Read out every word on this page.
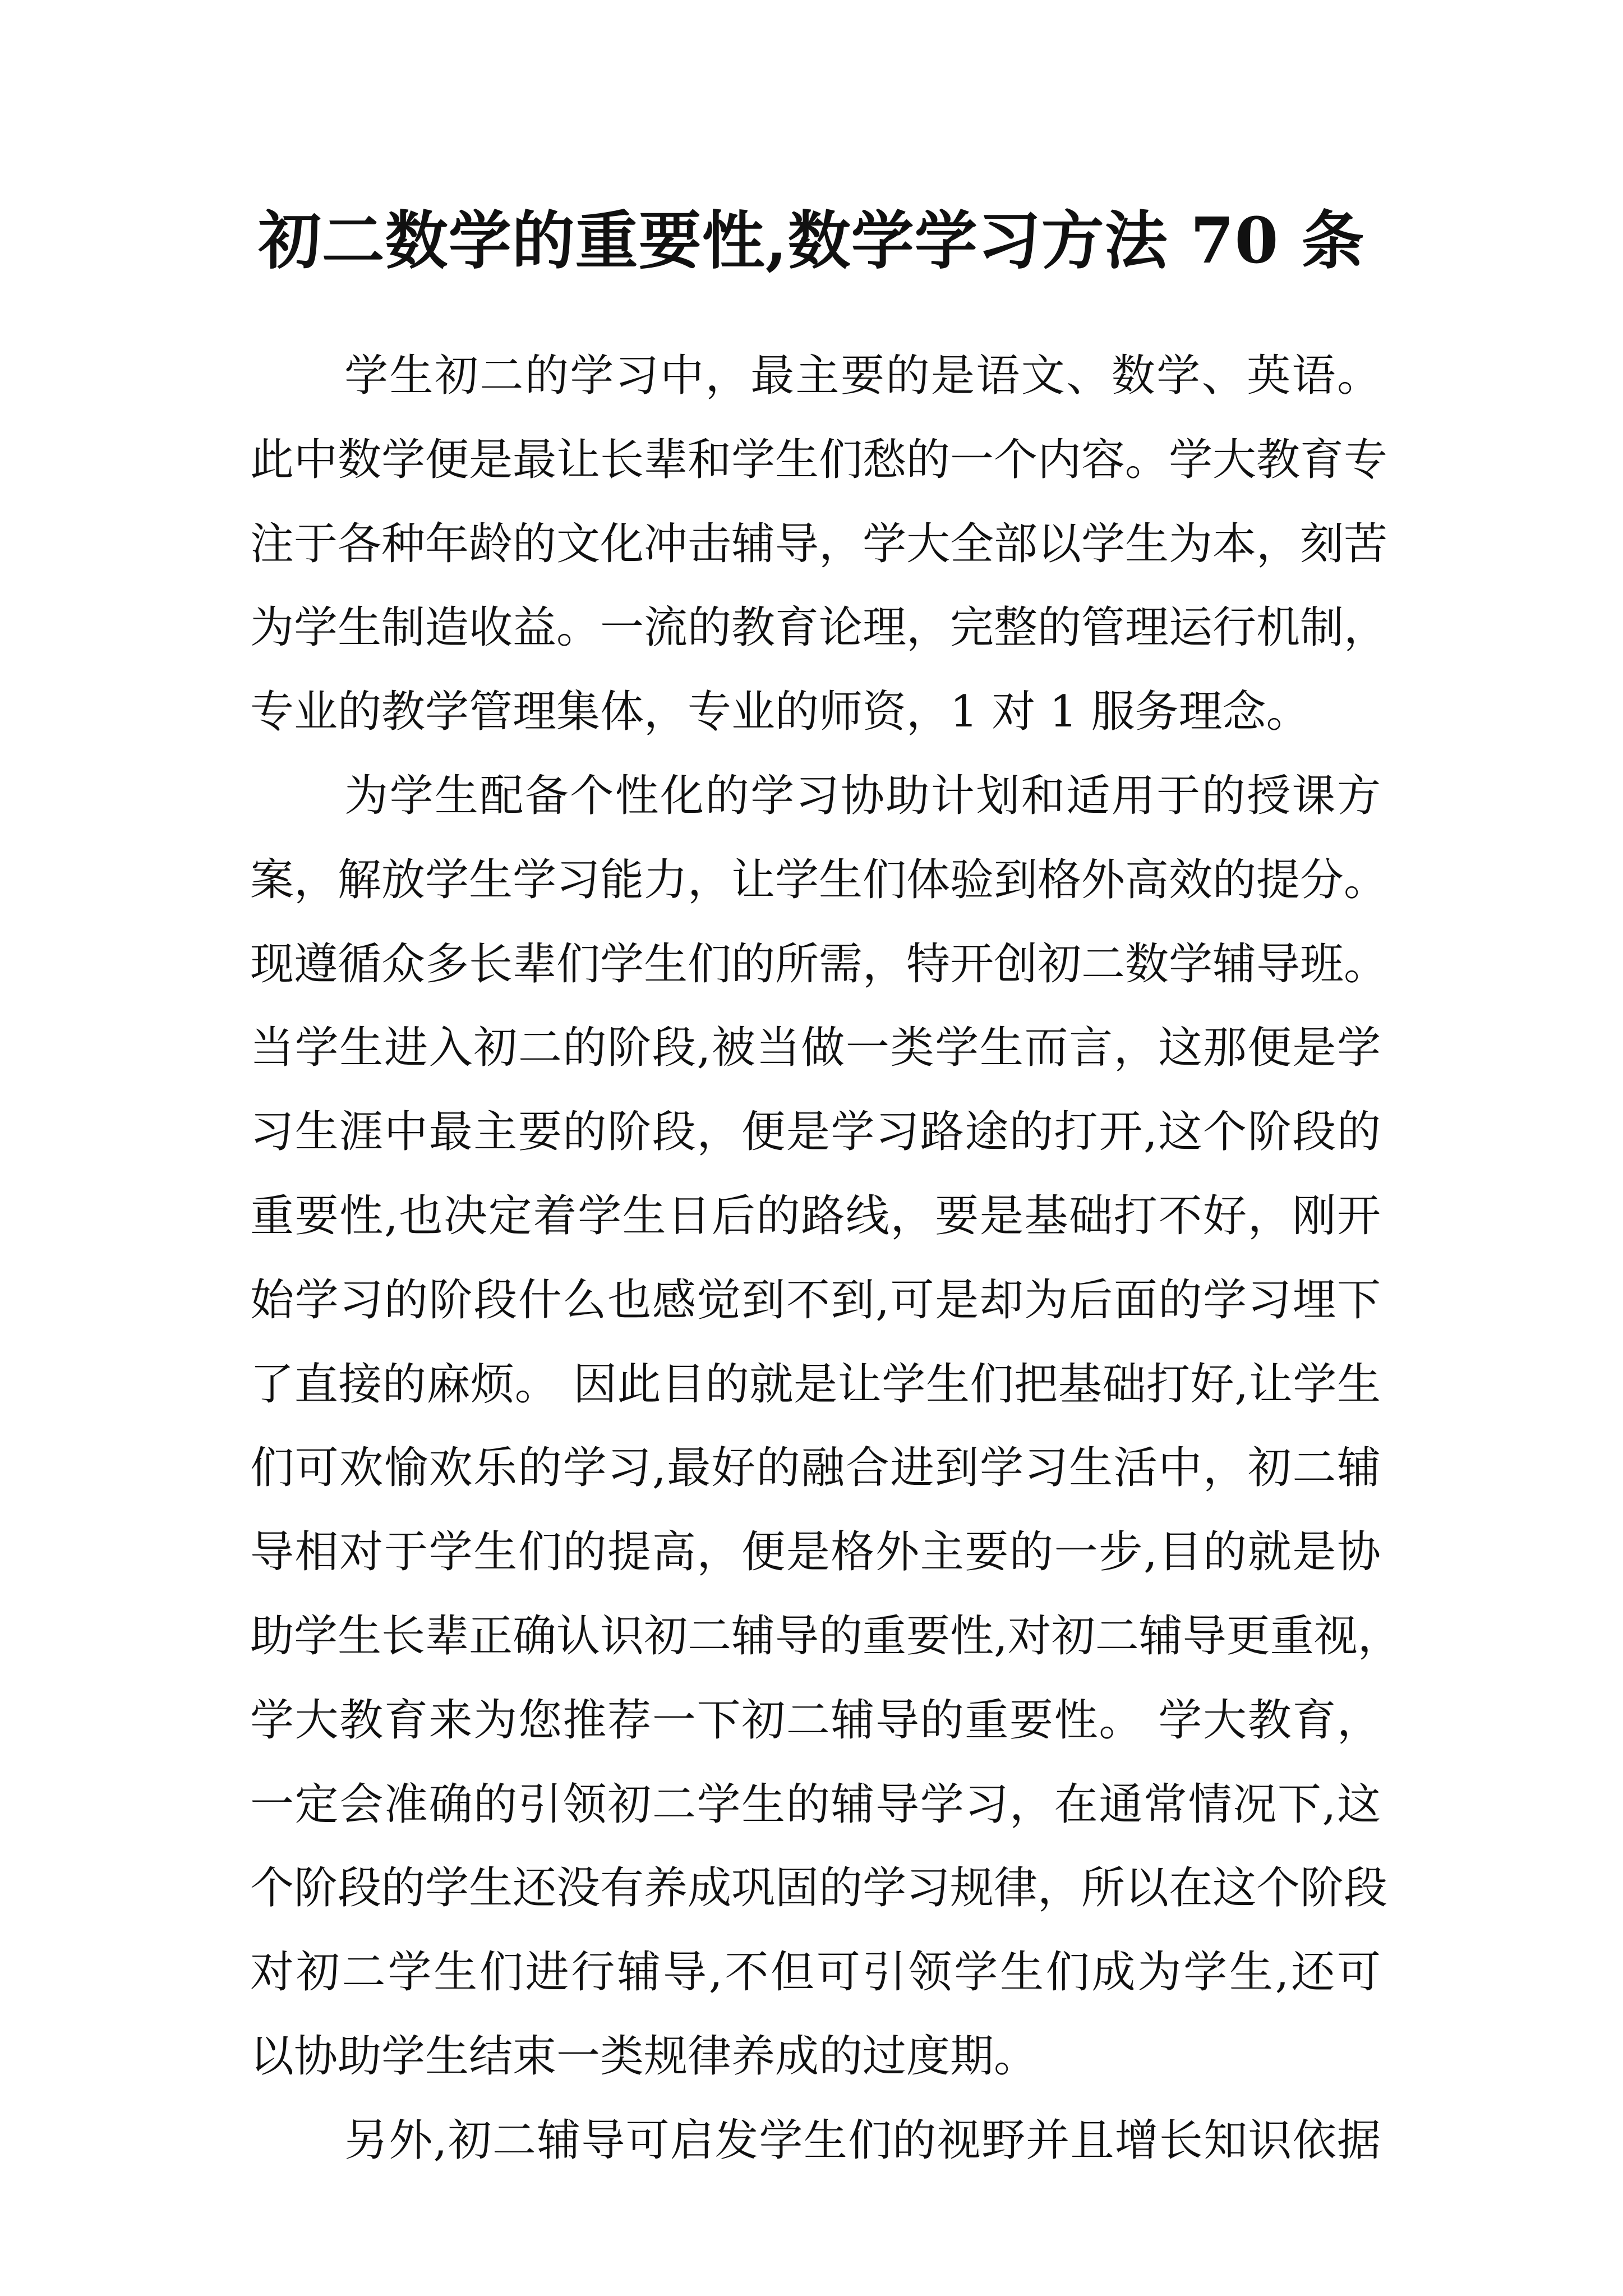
初二数学的重要性,数学学习方法 70 条
学生初二的学习中，最主要的是语文、数学、英语。
此中数学便是最让长辈和学生们愁的一个内容。学大教育专
注于各种年龄的文化冲击辅导，学大全部以学生为本，刻苦
为学生制造收益。一流的教育论理，完整的管理运行机制，
专业的教学管理集体，专业的师资，1 对 1 服务理念。
为学生配备个性化的学习协助计划和适用于的授课方
案，解放学生学习能力，让学生们体验到格外高效的提分。
现遵循众多长辈们学生们的所需，特开创初二数学辅导班。
当学生进入初二的阶段,被当做一类学生而言，这那便是学
习生涯中最主要的阶段，便是学习路途的打开,这个阶段的
重要性,也决定着学生日后的路线，要是基础打不好，刚开
始学习的阶段什么也感觉到不到,可是却为后面的学习埋下
了直接的麻烦。 因此目的就是让学生们把基础打好,让学生
们可欢愉欢乐的学习,最好的融合进到学习生活中，初二辅
导相对于学生们的提高，便是格外主要的一步,目的就是协
助学生长辈正确认识初二辅导的重要性,对初二辅导更重视，
学大教育来为您推荐一下初二辅导的重要性。 学大教育，
一定会准确的引领初二学生的辅导学习，在通常情况下,这
个阶段的学生还没有养成巩固的学习规律，所以在这个阶段
对初二学生们进行辅导,不但可引领学生们成为学生,还可
以协助学生结束一类规律养成的过度期。
另外,初二辅导可启发学生们的视野并且增长知识依据
